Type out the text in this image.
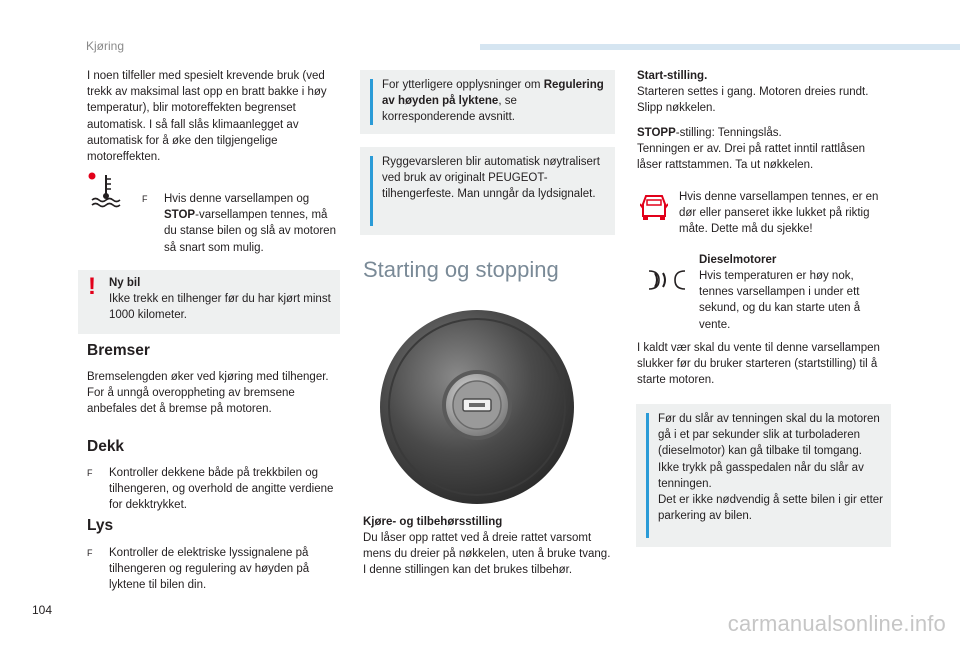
Kjøring

I noen tilfeller med spesielt krevende bruk (ved trekk av maksimal last opp en bratt bakke i høy temperatur), blir motoreffekten begrenset automatisk. I så fall slås klimaanlegget av automatisk for å øke den tilgjengelige motoreffekten.

F Hvis denne varsellampen og STOP-varsellampen tennes, må du stanse bilen og slå av motoren så snart som mulig.
! Ny bil
Ikke trekk en tilhenger før du har kjørt minst 1000 kilometer.
Bremser

Bremselengden øker ved kjøring med tilhenger. For å unngå overoppheting av bremsene anbefales det å bremse på motoren.

Dekk
F Kontroller dekkene både på trekkbilen og tilhengeren, og overhold de angitte verdiene for dekktrykket.
Lys
F Kontroller de elektriske lyssignalene på tilhengeren og regulering av høyden på lyktene til bilen din.
For ytterligere opplysninger om Regulering av høyden på lyktene, se korresponderende avsnitt.
Ryggevarsleren blir automatisk nøytralisert ved bruk av originalt PEUGEOT-tilhengerfeste. Man unngår da lydsignalet.
Starting og stopping

Kjøre- og tilbehørsstilling

Du låser opp rattet ved å dreie rattet varsomt mens du dreier på nøkkelen, uten å bruke tvang. I denne stillingen kan det brukes tilbehør.

Start-stilling.

Starteren settes i gang. Motoren dreies rundt. Slipp nøkkelen.

STOPP-stilling: Tenningslås.

Tenningen er av. Drei på rattet inntil rattlåsen låser rattstammen. Ta ut nøkkelen.

Hvis denne varsellampen tennes, er en dør eller panseret ikke lukket på riktig måte. Dette må du sjekke!

Dieselmotorer

Hvis temperaturen er høy nok, tennes varsellampen i under ett sekund, og du kan starte uten å vente.

I kaldt vær skal du vente til denne varsellampen slukker før du bruker starteren (startstilling) til å starte motoren.

Før du slår av tenningen skal du la motoren gå i et par sekunder slik at turboladeren (dieselmotor) kan gå tilbake til tomgang.
Ikke trykk på gasspedalen når du slår av tenningen.
Det er ikke nødvendig å sette bilen i gir etter parkering av bilen.
104
carmanualsonline.info
